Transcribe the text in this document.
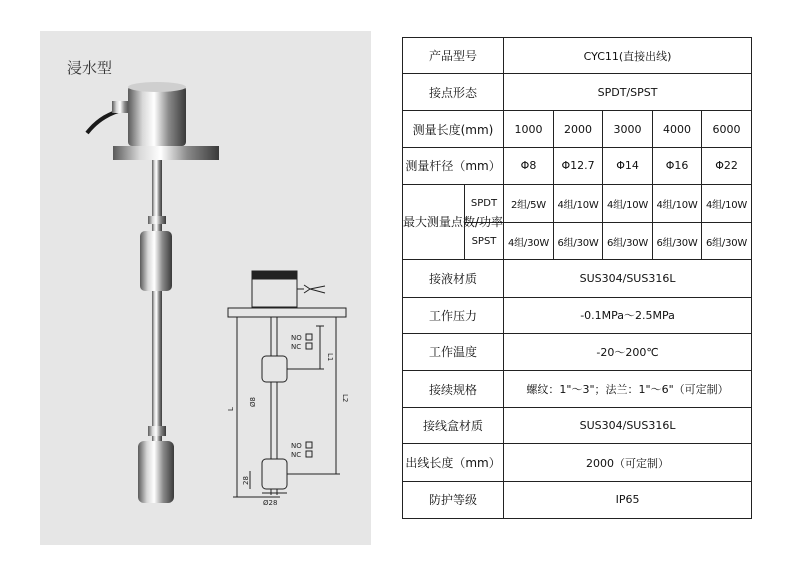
浸水型
NO
NC
L1
Ø8
L
L2
NO
NC
28
Ø28
产品型号		CYC11(直接出线)				
接点形态		SPDT/SPST				
测量长度(mm)		1000	2000	3000	4000	6000
测量杆径（mm）		Φ8	Φ12.7	Φ14	Φ16	Φ22
最大测量点数/功率	SPDT	2组/5W	4组/10W	4组/10W	4组/10W	4组/10W
	SPST	4组/30W	6组/30W	6组/30W	6组/30W	6组/30W
接液材质		SUS304/SUS316L				
工作压力		-0.1MPa～2.5MPa				
工作温度		-20～200℃				
接续规格		螺纹：1"～3"；法兰：1"～6"（可定制）				
接线盒材质		SUS304/SUS316L				
出线长度（mm）		2000（可定制）				
防护等级		IP65				
